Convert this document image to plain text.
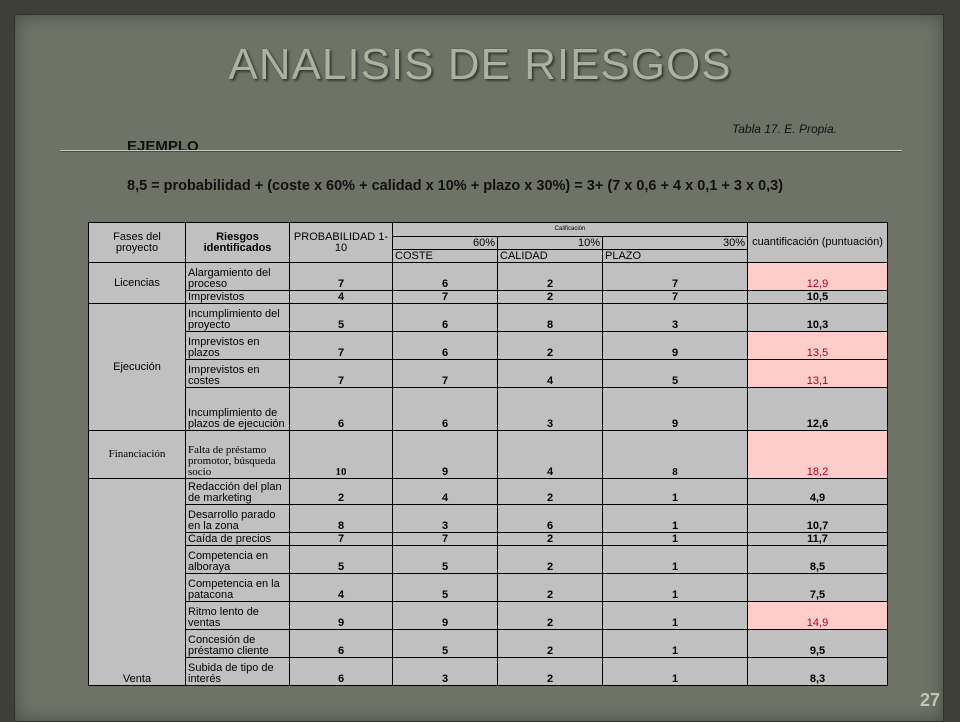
ANALISIS DE RIESGOS
Tabla 17. E. Propia.
EJEMPLO
8,5 = probabilidad + (coste x 60% + calidad x 10% + plazo x 30%) = 3+ (7 x 0,6 + 4 x 0,1 + 3 x 0,3)
Fases del proyecto	Riesgos identificados	PROBABILIDAD 1-10	Calificación			cuantificación (puntuación)
			60%	10%	30%	
			COSTE	CALIDAD	PLAZO	
Licencias	Alargamiento del proceso	7	6	2	7	12,9
	Imprevistos	4	7	2	7	10,5
Ejecución	Incumplimiento del proyecto	5	6	8	3	10,3
	Imprevistos en plazos	7	6	2	9	13,5
	Imprevistos en costes	7	7	4	5	13,1
	Incumplimiento de plazos de ejecución	6	6	3	9	12,6
Financiación	Falta de préstamo promotor, búsqueda socio	10	9	4	8	18,2
Venta	Redacción del plan de marketing	2	4	2	1	4,9
	Desarrollo parado en la zona	8	3	6	1	10,7
	Caída de precios	7	7	2	1	11,7
	Competencia en alboraya	5	5	2	1	8,5
	Competencia en la patacona	4	5	2	1	7,5
	Ritmo lento de ventas	9	9	2	1	14,9
	Concesión de préstamo cliente	6	5	2	1	9,5
	Subida de tipo de interés	6	3	2	1	8,3
27
